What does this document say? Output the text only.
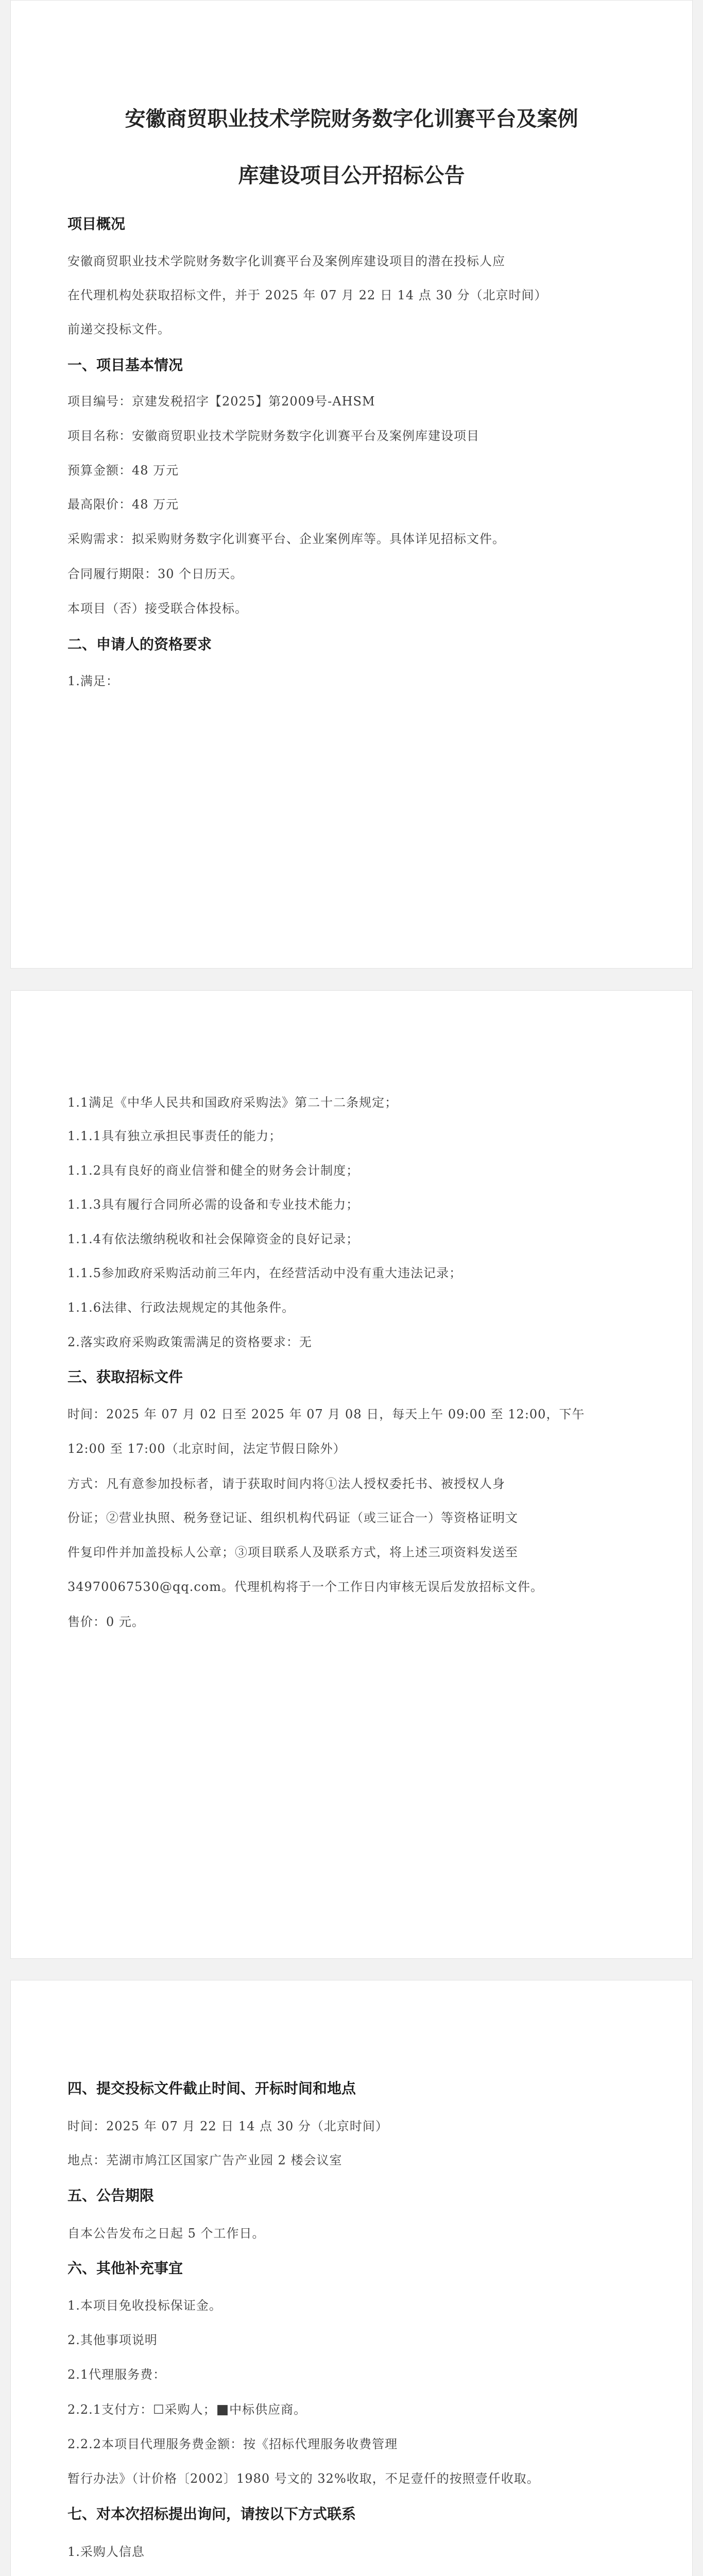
安徽商贸职业技术学院财务数字化训赛平台及案例
库建设项目公开招标公告

项目概况

安徽商贸职业技术学院财务数字化训赛平台及案例库建设项目的潜在投标人应

在代理机构处获取招标文件，并于 2025 年 07 月 22 日 14 点 30 分（北京时间）

前递交投标文件。

一、项目基本情况

项目编号：京建发税招字【2025】第2009号-AHSM

项目名称：安徽商贸职业技术学院财务数字化训赛平台及案例库建设项目

预算金额：48 万元

最高限价：48 万元

采购需求：拟采购财务数字化训赛平台、企业案例库等。具体详见招标文件。

合同履行期限：30 个日历天。

本项目（否）接受联合体投标。

二、申请人的资格要求

1.满足：

1.1满足《中华人民共和国政府采购法》第二十二条规定；

1.1.1具有独立承担民事责任的能力；

1.1.2具有良好的商业信誉和健全的财务会计制度；

1.1.3具有履行合同所必需的设备和专业技术能力；

1.1.4有依法缴纳税收和社会保障资金的良好记录；

1.1.5参加政府采购活动前三年内，在经营活动中没有重大违法记录；

1.1.6法律、行政法规规定的其他条件。

2.落实政府采购政策需满足的资格要求：无

三、获取招标文件

时间：2025 年 07 月 02 日至 2025 年 07 月 08 日，每天上午 09:00 至 12:00，下午

12:00 至 17:00（北京时间，法定节假日除外）

方式：凡有意参加投标者，请于获取时间内将①法人授权委托书、被授权人身

份证；②营业执照、税务登记证、组织机构代码证（或三证合一）等资格证明文

件复印件并加盖投标人公章；③项目联系人及联系方式，将上述三项资料发送至

34970067530@qq.com。代理机构将于一个工作日内审核无误后发放招标文件。

售价：0 元。

四、提交投标文件截止时间、开标时间和地点

时间：2025 年 07 月 22 日 14 点 30 分（北京时间）

地点：芜湖市鸠江区国家广告产业园 2 楼会议室

五、公告期限

自本公告发布之日起 5 个工作日。

六、其他补充事宜

1.本项目免收投标保证金。

2.其他事项说明

2.1代理服务费：

2.2.1支付方：☐采购人；■中标供应商。

2.2.2本项目代理服务费金额：按《招标代理服务收费管理

暂行办法》（计价格〔2002〕1980 号文的 32%收取，不足壹仟的按照壹仟收取。

七、对本次招标提出询问，请按以下方式联系

1.采购人信息
